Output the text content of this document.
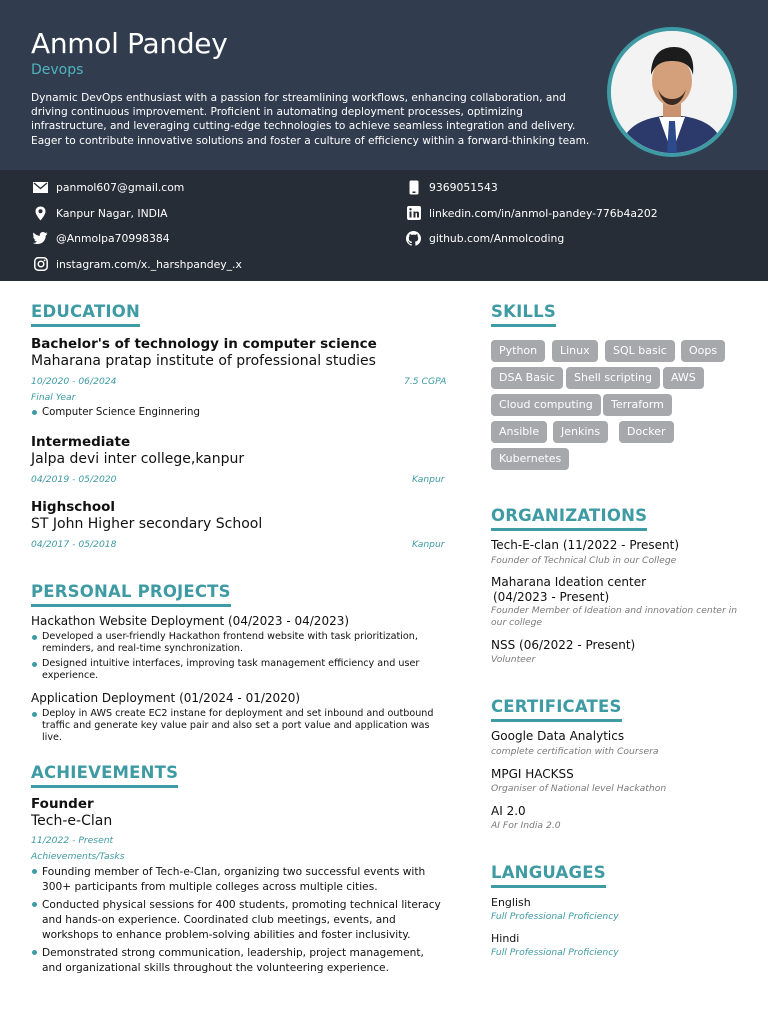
Anmol Pandey
Devops
Dynamic DevOps enthusiast with a passion for streamlining workflows, enhancing collaboration, and driving continuous improvement. Proficient in automating deployment processes, optimizing infrastructure, and leveraging cutting-edge technologies to achieve seamless integration and delivery. Eager to contribute innovative solutions and foster a culture of efficiency within a forward-thinking team.
panmol607@gmail.com	9369051543
Kanpur Nagar, INDIA	linkedin.com/in/anmol-pandey-776b4a202
@Anmolpa70998384	github.com/Anmolcoding
instagram.com/x._harshpandey_.x
EDUCATION
Bachelor's of technology in computer science
Maharana pratap institute of professional studies
10/2020 - 06/2024	7.5 CGPA
Final Year
Computer Science Enginnering
Intermediate
Jalpa devi inter college,kanpur
04/2019 - 05/2020	Kanpur
Highschool
ST John Higher secondary School
04/2017 - 05/2018	Kanpur
PERSONAL PROJECTS
Hackathon Website Deployment (04/2023 - 04/2023)
Developed a user-friendly Hackathon frontend website with task prioritization, reminders, and real-time synchronization.
Designed intuitive interfaces, improving task management efficiency and user experience.
Application Deployment (01/2024 - 01/2020)
Deploy in AWS create EC2 instane for deployment and set inbound and outbound traffic and generate key value pair and also set a port value and application was live.
ACHIEVEMENTS
Founder
Tech-e-Clan
11/2022 - Present
Achievements/Tasks
Founding member of Tech-e-Clan, organizing two successful events with 300+ participants from multiple colleges across multiple cities.
Conducted physical sessions for 400 students, promoting technical literacy and hands-on experience. Coordinated club meetings, events, and workshops to enhance problem-solving abilities and foster inclusivity.
Demonstrated strong communication, leadership, project management, and organizational skills throughout the volunteering experience.
SKILLS
Python	Linux	SQL basic	Oops
DSA Basic	Shell scripting	AWS
Cloud computing	Terraform
Ansible	Jenkins	Docker
Kubernetes
ORGANIZATIONS
Tech-E-clan (11/2022 - Present)
Founder of Technical Club in our College
Maharana Ideation center
(04/2023 - Present)
Founder Member of Ideation and innovation center in
our college
NSS (06/2022 - Present)
Volunteer
CERTIFICATES
Google Data Analytics
complete certification with Coursera
MPGI HACKSS
Organiser of National level Hackathon
AI 2.0
AI For India 2.0
LANGUAGES
English
Full Professional Proficiency
Hindi
Full Professional Proficiency
